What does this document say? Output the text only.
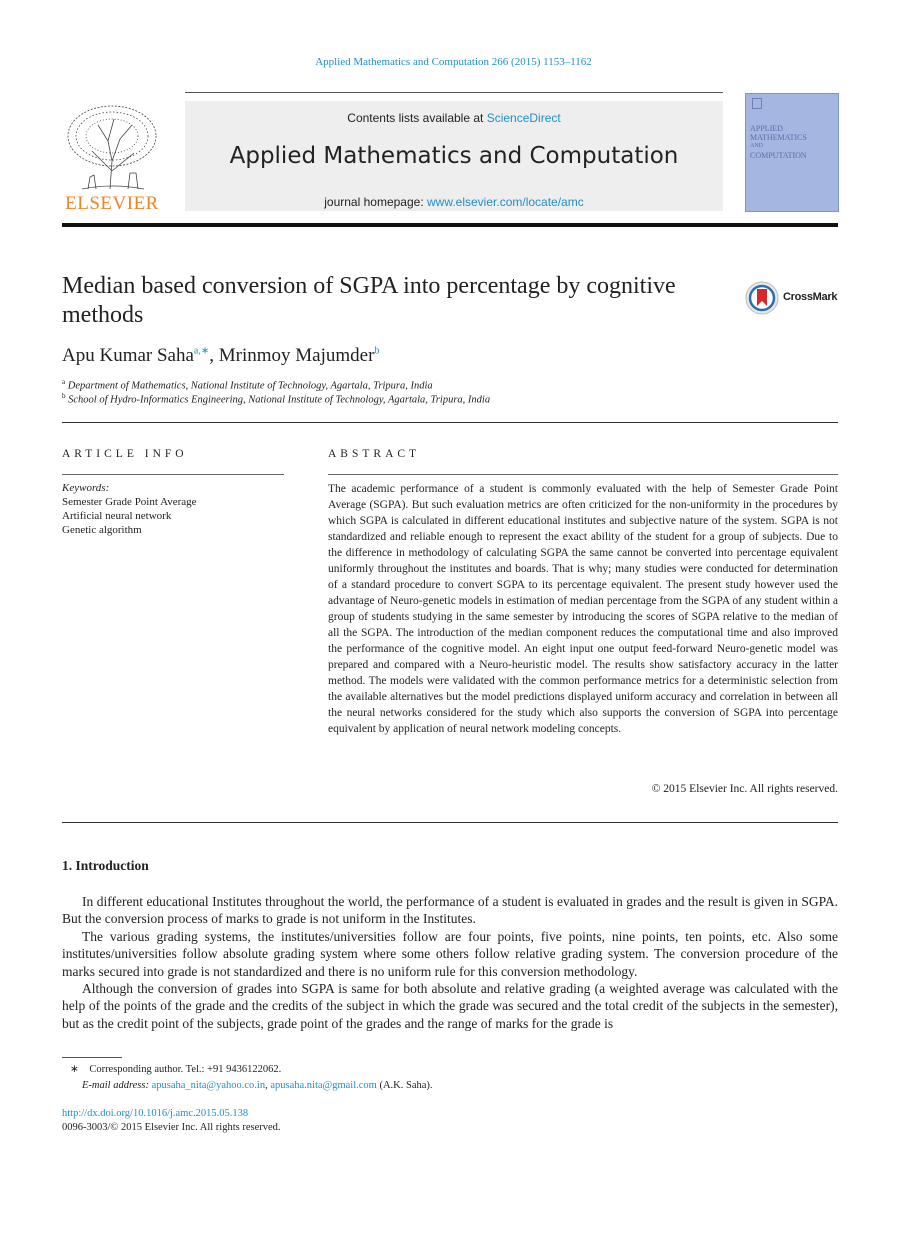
Applied Mathematics and Computation 266 (2015) 1153–1162
ELSEVIER
Contents lists available at ScienceDirect
Applied Mathematics and Computation
journal homepage: www.elsevier.com/locate/amc
APPLIED
MATHEMATICS
AND
COMPUTATION
Median based conversion of SGPA into percentage by cognitive methods
CrossMark
Apu Kumar Saha$^{a,∗}$, Mrinmoy Majumder$^b$
$^a$ Department of Mathematics, National Institute of Technology, Agartala, Tripura, India
$^b$ School of Hydro-Informatics Engineering, National Institute of Technology, Agartala, Tripura, India
ARTICLE INFO
Keywords:
Semester Grade Point Average
Artificial neural network
Genetic algorithm
ABSTRACT
The academic performance of a student is commonly evaluated with the help of Semester Grade Point Average (SGPA). But such evaluation metrics are often criticized for the non-uniformity in the procedures by which SGPA is calculated in different educational institutes and subjective nature of the system. SGPA is not standardized and reliable enough to represent the exact ability of the student for a group of subjects. Due to the difference in methodology of calculating SGPA the same cannot be converted into percentage equivalent uniformly throughout the institutes and boards. That is why; many studies were conducted for determination of a standard procedure to convert SGPA to its percentage equivalent. The present study however used the advantage of Neuro-genetic models in estimation of median percentage from the SGPA of any student within a group of students studying in the same semester by introducing the scores of SGPA relative to the median of all the SGPA. The introduction of the median component reduces the computational time and also improved the performance of the cognitive model. An eight input one output feed-forward Neuro-genetic model was prepared and compared with a Neuro-heuristic model. The results show satisfactory accuracy in the latter method. The models were validated with the common performance metrics for a deterministic selection from the available alternatives but the model predictions displayed uniform accuracy and correlation in between all the neural networks considered for the study which also supports the conversion of SGPA into percentage equivalent by application of neural network modeling concepts.
© 2015 Elsevier Inc. All rights reserved.
1. Introduction
In different educational Institutes throughout the world, the performance of a student is evaluated in grades and the result is given in SGPA. But the conversion process of marks to grade is not uniform in the Institutes.
The various grading systems, the institutes/universities follow are four points, five points, nine points, ten points, etc. Also some institutes/universities follow absolute grading system where some others follow relative grading system. The conversion procedure of the marks secured into grade is not standardized and there is no uniform rule for this conversion methodology.
Although the conversion of grades into SGPA is same for both absolute and relative grading (a weighted average was calculated with the help of the points of the grade and the credits of the subject in which the grade was secured and the total credit of the subjects in the semester), but as the credit point of the subjects, grade point of the grades and the range of marks for the grade is
∗ Corresponding author. Tel.: +91 9436122062.
E-mail address: apusaha_nita@yahoo.co.in, apusaha.nita@gmail.com (A.K. Saha).
http://dx.doi.org/10.1016/j.amc.2015.05.138
0096-3003/© 2015 Elsevier Inc. All rights reserved.
